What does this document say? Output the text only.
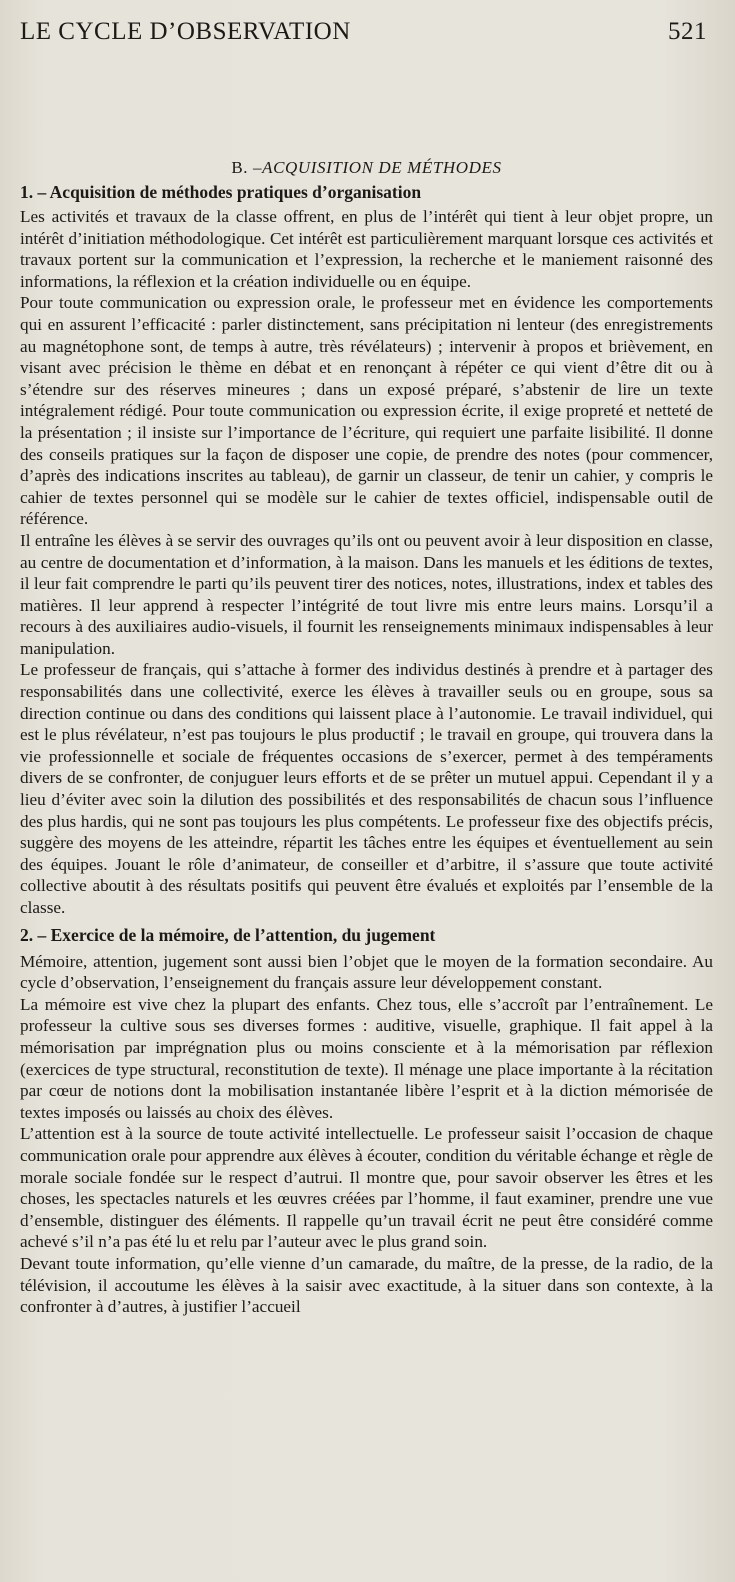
LE CYCLE D’OBSERVATION	521
B. –ACQUISITION DE MÉTHODES
1. – Acquisition de méthodes pratiques d’organisation

Les activités et travaux de la classe offrent, en plus de l’intérêt qui tient à leur objet propre, un intérêt d’initiation méthodologique. Cet intérêt est particulièrement marquant lorsque ces activités et travaux portent sur la communication et l’expression, la recherche et le maniement raisonné des informations, la réflexion et la création individuelle ou en équipe.

Pour toute communication ou expression orale, le professeur met en évidence les comportements qui en assurent l’efficacité : parler distinctement, sans précipitation ni lenteur (des enregistrements au magnétophone sont, de temps à autre, très révélateurs) ; intervenir à propos et brièvement, en visant avec précision le thème en débat et en renonçant à répéter ce qui vient d’être dit ou à s’étendre sur des réserves mineures ; dans un exposé préparé, s’abstenir de lire un texte intégralement rédigé. Pour toute communication ou expression écrite, il exige propreté et netteté de la présentation ; il insiste sur l’importance de l’écriture, qui requiert une parfaite lisibilité. Il donne des conseils pratiques sur la façon de disposer une copie, de prendre des notes (pour commencer, d’après des indications inscrites au tableau), de garnir un classeur, de tenir un cahier, y compris le cahier de textes personnel qui se modèle sur le cahier de textes officiel, indispensable outil de référence.

Il entraîne les élèves à se servir des ouvrages qu’ils ont ou peuvent avoir à leur disposition en classe, au centre de documentation et d’information, à la maison. Dans les manuels et les éditions de textes, il leur fait comprendre le parti qu’ils peuvent tirer des notices, notes, illustrations, index et tables des matières. Il leur apprend à respecter l’intégrité de tout livre mis entre leurs mains. Lorsqu’il a recours à des auxiliaires audio-visuels, il fournit les renseignements minimaux indispensables à leur manipulation.

Le professeur de français, qui s’attache à former des individus destinés à prendre et à partager des responsabilités dans une collectivité, exerce les élèves à travailler seuls ou en groupe, sous sa direction continue ou dans des conditions qui laissent place à l’autonomie. Le travail individuel, qui est le plus révélateur, n’est pas toujours le plus productif ; le travail en groupe, qui trouvera dans la vie professionnelle et sociale de fréquentes occasions de s’exercer, permet à des tempéraments divers de se confronter, de conjuguer leurs efforts et de se prêter un mutuel appui. Cependant il y a lieu d’éviter avec soin la dilution des possibilités et des responsabilités de chacun sous l’influence des plus hardis, qui ne sont pas toujours les plus compétents. Le professeur fixe des objectifs précis, suggère des moyens de les atteindre, répartit les tâches entre les équipes et éventuellement au sein des équipes. Jouant le rôle d’animateur, de conseiller et d’arbitre, il s’assure que toute activité collective aboutit à des résultats positifs qui peuvent être évalués et exploités par l’ensemble de la classe.

2. – Exercice de la mémoire, de l’attention, du jugement

Mémoire, attention, jugement sont aussi bien l’objet que le moyen de la formation secondaire. Au cycle d’observation, l’enseignement du français assure leur développement constant.

La mémoire est vive chez la plupart des enfants. Chez tous, elle s’accroît par l’entraînement. Le professeur la cultive sous ses diverses formes : auditive, visuelle, graphique. Il fait appel à la mémorisation par imprégnation plus ou moins consciente et à la mémorisation par réflexion (exercices de type structural, reconstitution de texte). Il ménage une place importante à la récitation par cœur de notions dont la mobilisation instantanée libère l’esprit et à la diction mémorisée de textes imposés ou laissés au choix des élèves.

L’attention est à la source de toute activité intellectuelle. Le professeur saisit l’occasion de chaque communication orale pour apprendre aux élèves à écouter, condition du véritable échange et règle de morale sociale fondée sur le respect d’autrui. Il montre que, pour savoir observer les êtres et les choses, les spectacles naturels et les œuvres créées par l’homme, il faut examiner, prendre une vue d’ensemble, distinguer des éléments. Il rappelle qu’un travail écrit ne peut être considéré comme achevé s’il n’a pas été lu et relu par l’auteur avec le plus grand soin.

Devant toute information, qu’elle vienne d’un camarade, du maître, de la presse, de la radio, de la télévision, il accoutume les élèves à la saisir avec exactitude, à la situer dans son contexte, à la confronter à d’autres, à justifier l’accueil
